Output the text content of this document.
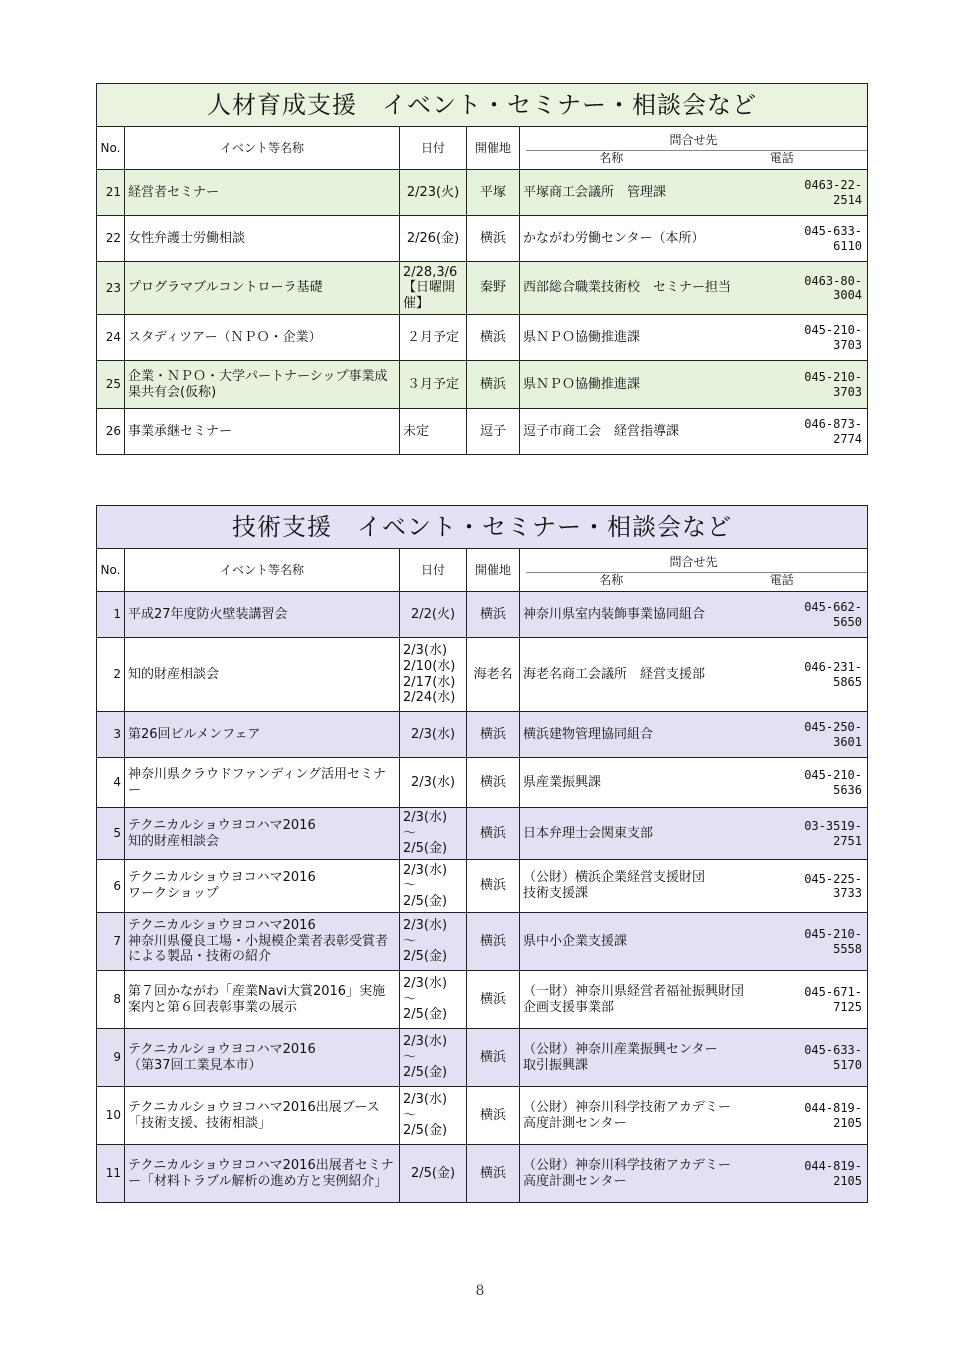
人材育成支援　イベント・セミナー・相談会など					
No.	イベント等名称	日付	開催地	問合せ先
名称 電話	

21	経営者セミナー	2/23(火)	平塚	平塚商工会議所　管理課	0463-22-2514
22	女性弁護士労働相談	2/26(金)	横浜	かながわ労働センター（本所）	045-633-6110
23	プログラマブルコントローラ基礎	2/28,3/6【日曜開催】	秦野	西部総合職業技術校　セミナー担当	0463-80-3004
24	スタディツアー（ＮＰＯ・企業）	２月予定	横浜	県ＮＰＯ協働推進課	045-210-3703
25	企業・ＮＰＯ・大学パートナーシップ事業成果共有会(仮称)	３月予定	横浜	県ＮＰＯ協働推進課	045-210-3703
26	事業承継セミナー	未定	逗子	逗子市商工会　経営指導課	046-873-2774
技術支援　イベント・セミナー・相談会など					
No.	イベント等名称	日付	開催地	問合せ先
名称 電話	

1	平成27年度防火壁装講習会	2/2(火)	横浜	神奈川県室内装飾事業協同組合	045-662-5650
2	知的財産相談会	2/3(水)
2/10(水)
2/17(水)
2/24(水)	海老名	海老名商工会議所　経営支援部	046-231-5865
3	第26回ビルメンフェア	2/3(水)	横浜	横浜建物管理協同組合	045-250-3601
4	神奈川県クラウドファンディング活用セミナー	2/3(水)	横浜	県産業振興課	045-210-5636
5	テクニカルショウヨコハマ2016
知的財産相談会	2/3(水)
～
2/5(金)	横浜	日本弁理士会関東支部	03-3519-2751
6	テクニカルショウヨコハマ2016
ワークショップ	2/3(水)
～
2/5(金)	横浜	（公財）横浜企業経営支援財団
技術支援課	045-225-3733
7	テクニカルショウヨコハマ2016
神奈川県優良工場・小規模企業者表彰受賞者による製品・技術の紹介	2/3(水)
～
2/5(金)	横浜	県中小企業支援課	045-210-5558
8	第７回かながわ「産業Navi大賞2016」実施案内と第６回表彰事業の展示	2/3(水)
～
2/5(金)	横浜	（一財）神奈川県経営者福祉振興財団　企画支援事業部	045-671-7125
9	テクニカルショウヨコハマ2016
（第37回工業見本市）	2/3(水)
～
2/5(金)	横浜	（公財）神奈川産業振興センター
取引振興課	045-633-5170
10	テクニカルショウヨコハマ2016出展ブース「技術支援、技術相談」	2/3(水)
～
2/5(金)	横浜	（公財）神奈川科学技術アカデミー
高度計測センター	044-819-2105
11	テクニカルショウヨコハマ2016出展者セミナー「材料トラブル解析の進め方と実例紹介」	2/5(金)	横浜	（公財）神奈川科学技術アカデミー
高度計測センター	044-819-2105
8
